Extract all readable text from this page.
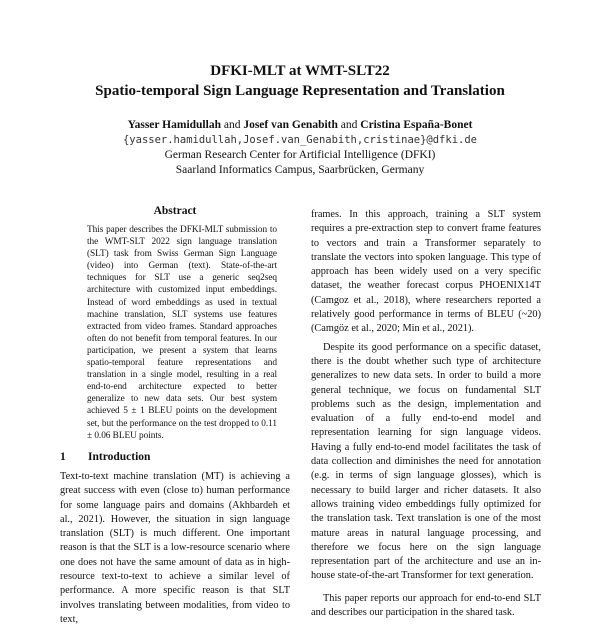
DFKI-MLT at WMT-SLT22
Spatio-temporal Sign Language Representation and Translation
Yasser Hamidullah and Josef van Genabith and Cristina España-Bonet
{yasser.hamidullah,Josef.van_Genabith,cristinae}@dfki.de
German Research Center for Artificial Intelligence (DFKI)
Saarland Informatics Campus, Saarbrücken, Germany
Abstract
This paper describes the DFKI-MLT submission to the WMT-SLT 2022 sign language translation (SLT) task from Swiss German Sign Language (video) into German (text). State-of-the-art techniques for SLT use a generic seq2seq architecture with customized input embeddings. Instead of word embeddings as used in textual machine translation, SLT systems use features extracted from video frames. Standard approaches often do not benefit from temporal features. In our participation, we present a system that learns spatio-temporal feature representations and translation in a single model, resulting in a real end-to-end architecture expected to better generalize to new data sets. Our best system achieved 5 ± 1 BLEU points on the development set, but the performance on the test dropped to 0.11 ± 0.06 BLEU points.
1 Introduction
Text-to-text machine translation (MT) is achieving a great success with even (close to) human performance for some language pairs and domains (Akhbardeh et al., 2021). However, the situation in sign language translation (SLT) is much different. One important reason is that the SLT is a low-resource scenario where one does not have the same amount of data as in high-resource text-to-text to achieve a similar level of performance. A more specific reason is that SLT involves translating between modalities, from video to text,

frames. In this approach, training a SLT system requires a pre-extraction step to convert frame features to vectors and train a Transformer separately to translate the vectors into spoken language. This type of approach has been widely used on a very specific dataset, the weather forecast corpus PHOENIX14T (Camgoz et al., 2018), where researchers reported a relatively good performance in terms of BLEU (~20) (Camgöz et al., 2020; Min et al., 2021).

Despite its good performance on a specific dataset, there is the doubt whether such type of architecture generalizes to new data sets. In order to build a more general technique, we focus on fundamental SLT problems such as the design, implementation and evaluation of a fully end-to-end model and representation learning for sign language videos. Having a fully end-to-end model facilitates the task of data collection and diminishes the need for annotation (e.g. in terms of sign language glosses), which is necessary to build larger and richer datasets. It also allows training video embeddings fully optimized for the translation task. Text translation is one of the most mature areas in natural language processing, and therefore we focus here on the sign language representation part of the architecture and use an in-house state-of-the-art Transformer for text generation.

This paper reports our approach for end-to-end SLT and describes our participation in the shared task.
